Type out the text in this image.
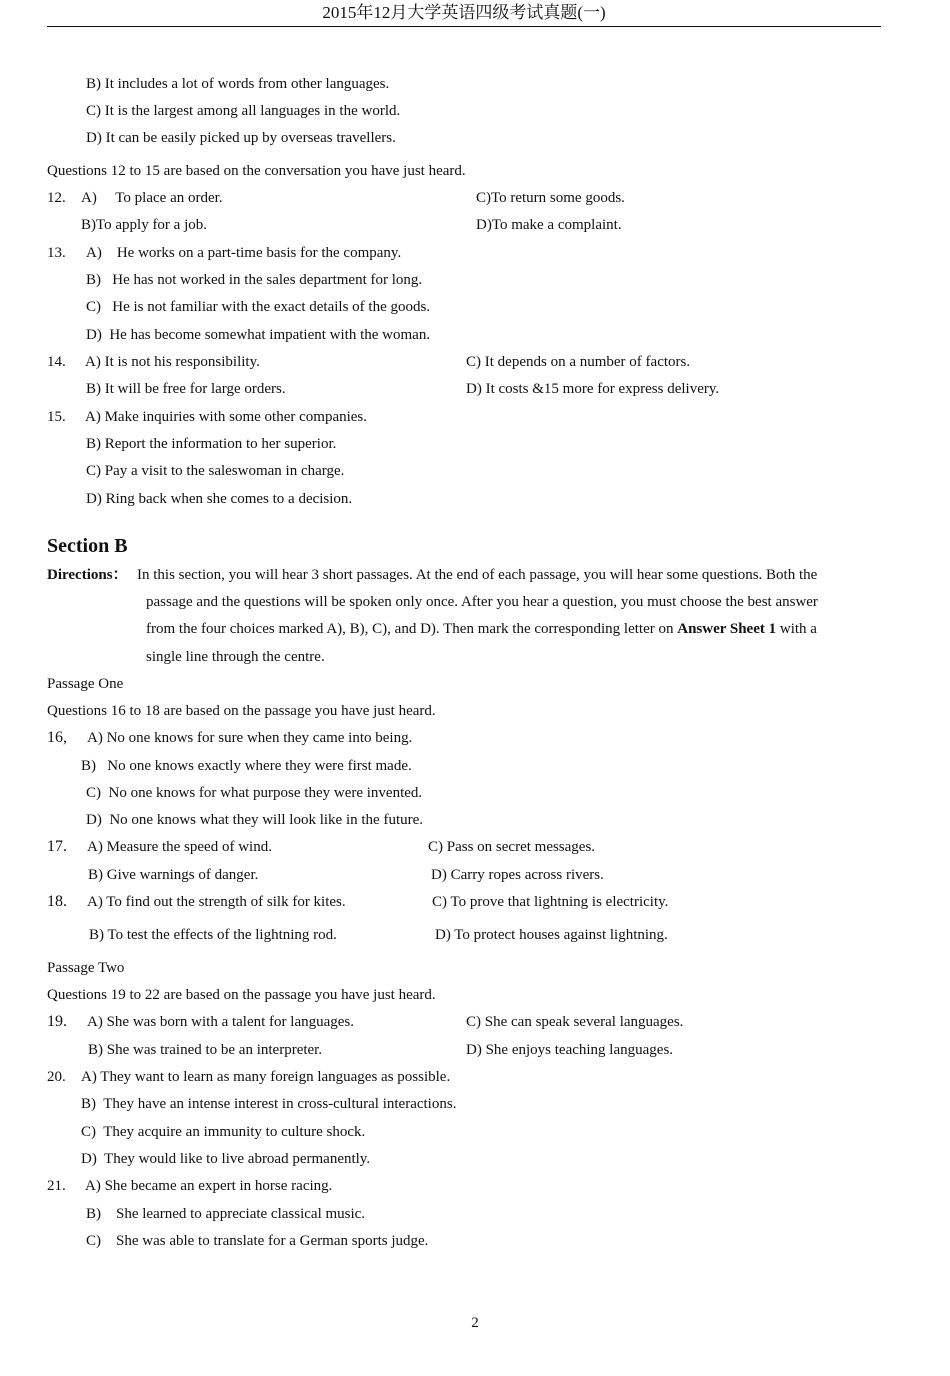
2015年12月大学英语四级考试真题(一)
B) It includes a lot of words from other languages.
C) It is the largest among all languages in the world.
D) It can be easily picked up by overseas travellers.
Questions 12 to 15 are based on the conversation you have just heard.
12. A)     To place an order.	C)To return some goods.
B)To apply for a job.	D)To make a complaint.
13. A)    He works on a part-time basis for the company.
B)   He has not worked in the sales department for long.
C)   He is not familiar with the exact details of the goods.
D)  He has become somewhat impatient with the woman.
14. A) It is not his responsibility.	C) It depends on a number of factors.
B) It will be free for large orders.	D) It costs &15 more for express delivery.
15. A) Make inquiries with some other companies.
B) Report the information to her superior.
C) Pay a visit to the saleswoman in charge.
D) Ring back when she comes to a decision.
Section B
Directions： In this section, you will hear 3 short passages. At the end of each passage, you will hear some questions. Both the
passage and the questions will be spoken only once. After you hear a question, you must choose the best answer
from the four choices marked A), B), C), and D). Then mark the corresponding letter on Answer Sheet 1 with a
single line through the centre.
Passage One
Questions 16 to 18 are based on the passage you have just heard.
16, A) No one knows for sure when they came into being.
B)   No one knows exactly where they were first made.
C)  No one knows for what purpose they were invented.
D)  No one knows what they will look like in the future.
17. A) Measure the speed of wind.	C) Pass on secret messages.
B) Give warnings of danger.	D) Carry ropes across rivers.
18. A) To find out the strength of silk for kites.	C) To prove that lightning is electricity.
B) To test the effects of the lightning rod.	D) To protect houses against lightning.
Passage Two
Questions 19 to 22 are based on the passage you have just heard.
19. A) She was born with a talent for languages.	C) She can speak several languages.
B) She was trained to be an interpreter.	D) She enjoys teaching languages.
20. A) They want to learn as many foreign languages as possible.
B)  They have an intense interest in cross-cultural interactions.
C)  They acquire an immunity to culture shock.
D)  They would like to live abroad permanently.
21. A) She became an expert in horse racing.
B)    She learned to appreciate classical music.
C)    She was able to translate for a German sports judge.
2
